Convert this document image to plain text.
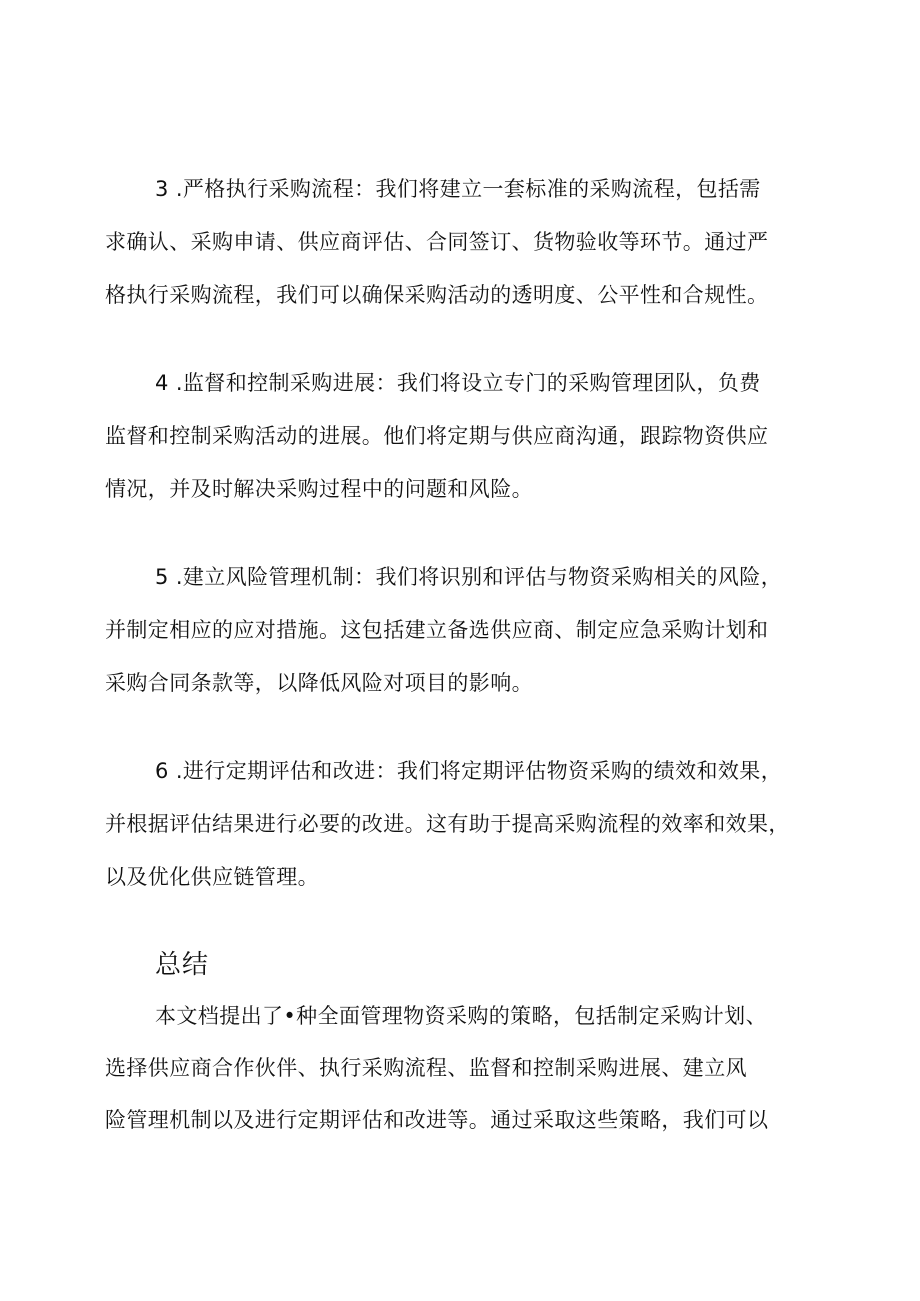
3 .严格执行采购流程：我们将建立一套标准的采购流程，包括需
求确认、采购申请、供应商评估、合同签订、货物验收等环节。通过严
格执行采购流程，我们可以确保采购活动的透明度、公平性和合规性。
4 .监督和控制采购进展：我们将设立专门的采购管理团队，负费
监督和控制采购活动的进展。他们将定期与供应商沟通，跟踪物资供应
情况，并及时解决采购过程中的问题和风险。
5 .建立风险管理机制：我们将识别和评估与物资采购相关的风险，
并制定相应的应对措施。这包括建立备选供应商、制定应急采购计划和
采购合同条款等，以降低风险对项目的影响。
6 .进行定期评估和改进：我们将定期评估物资采购的绩效和效果，
并根据评估结果进行必要的改进。这有助于提高采购流程的效率和效果，
以及优化供应链管理。
总结
本文档提出了•种全面管理物资采购的策略，包括制定采购计划、
选择供应商合作伙伴、执行采购流程、监督和控制采购进展、建立风
险管理机制以及进行定期评估和改进等。通过采取这些策略，我们可以
